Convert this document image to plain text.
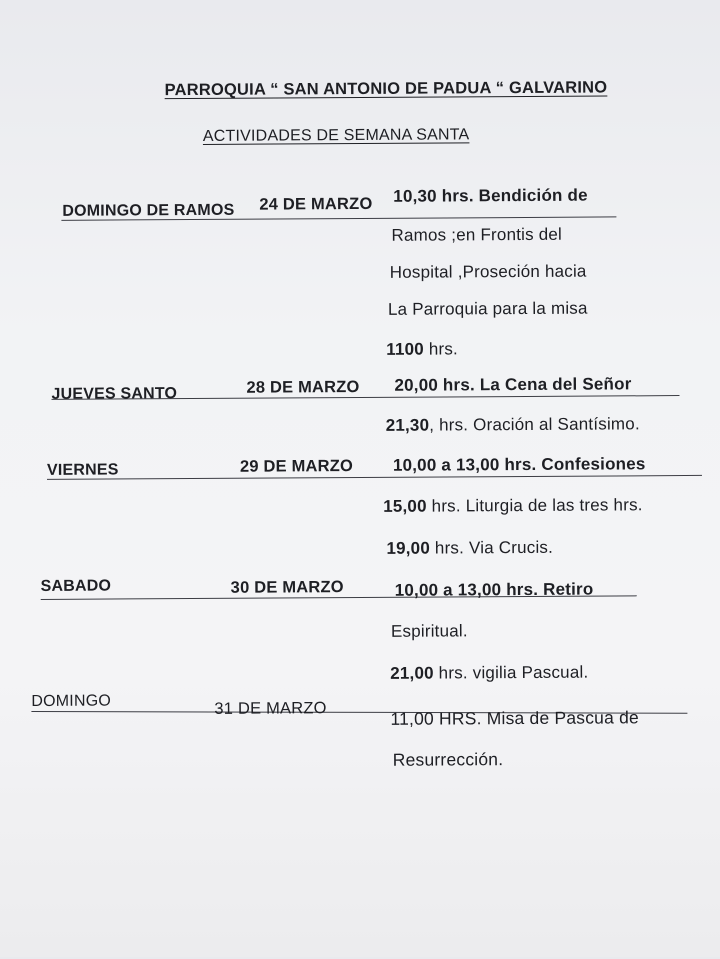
PARROQUIA “ SAN ANTONIO DE PADUA “ GALVARINO
ACTIVIDADES DE SEMANA SANTA
DOMINGO DE RAMOS 24 DE MARZO 10,30 hrs. Bendición de
Ramos ;en Frontis del
Hospital ,Proseción hacia
La Parroquia para la misa
1100 hrs.
JUEVES SANTO	28 DE MARZO 20,00 hrs. La Cena del Señor
21,30, hrs. Oración al Santísimo.
VIERNES	29 DE MARZO 10,00 a 13,00 hrs. Confesiones
15,00 hrs. Liturgia de las tres hrs.
19,00 hrs. Via Crucis.
SABADO	30 DE MARZO	10,00 a 13,00 hrs. Retiro
Espiritual.
21,00 hrs. vigilia Pascual.
DOMINGO	31 DE MARZO	11,00 HRS. Misa de Pascua de
Resurrección.
